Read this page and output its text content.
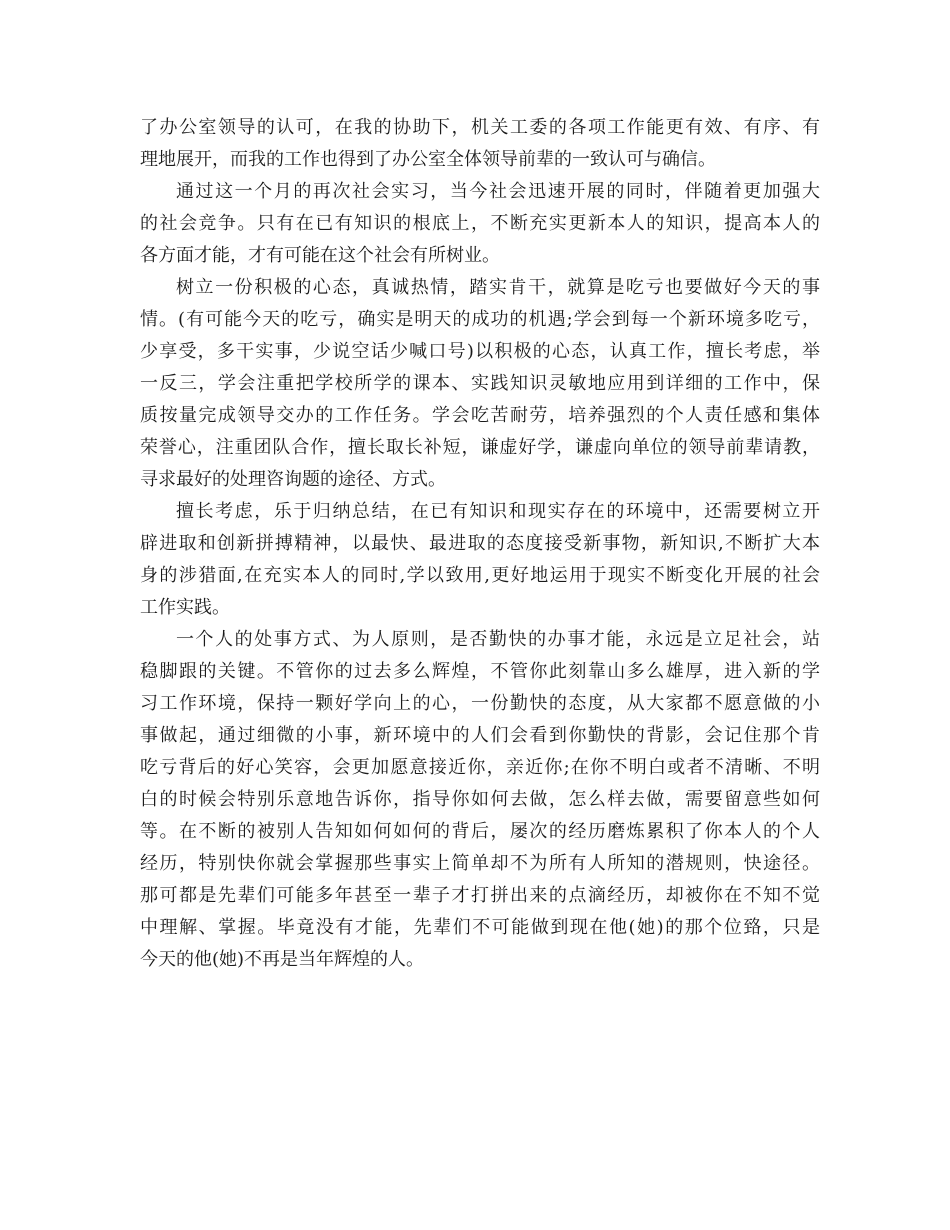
了办公室领导的认可，在我的协助下，机关工委的各项工作能更有效、有序、有
理地展开，而我的工作也得到了办公室全体领导前辈的一致认可与确信。
通过这一个月的再次社会实习，当今社会迅速开展的同时，伴随着更加强大
的社会竞争。只有在已有知识的根底上，不断充实更新本人的知识，提高本人的
各方面才能，才有可能在这个社会有所树业。
树立一份积极的心态，真诚热情，踏实肯干，就算是吃亏也要做好今天的事
情。(有可能今天的吃亏，确实是明天的成功的机遇;学会到每一个新环境多吃亏，
少享受，多干实事，少说空话少喊口号)以积极的心态，认真工作，擅长考虑，举
一反三，学会注重把学校所学的课本、实践知识灵敏地应用到详细的工作中，保
质按量完成领导交办的工作任务。学会吃苦耐劳，培养强烈的个人责任感和集体
荣誉心，注重团队合作，擅长取长补短，谦虚好学，谦虚向单位的领导前辈请教，
寻求最好的处理咨询题的途径、方式。
擅长考虑，乐于归纳总结，在已有知识和现实存在的环境中，还需要树立开
辟进取和创新拼搏精神，以最快、最进取的态度接受新事物，新知识,不断扩大本
身的涉猎面,在充实本人的同时,学以致用,更好地运用于现实不断变化开展的社会
工作实践。
一个人的处事方式、为人原则，是否勤快的办事才能，永远是立足社会，站
稳脚跟的关键。不管你的过去多么辉煌，不管你此刻靠山多么雄厚，进入新的学
习工作环境，保持一颗好学向上的心，一份勤快的态度，从大家都不愿意做的小
事做起，通过细微的小事，新环境中的人们会看到你勤快的背影，会记住那个肯
吃亏背后的好心笑容，会更加愿意接近你，亲近你;在你不明白或者不清晰、不明
白的时候会特别乐意地告诉你，指导你如何去做，怎么样去做，需要留意些如何
等。在不断的被别人告知如何如何的背后，屡次的经历磨炼累积了你本人的个人
经历，特别快你就会掌握那些事实上简单却不为所有人所知的潜规则，快途径。
那可都是先辈们可能多年甚至一辈子才打拼出来的点滴经历，却被你在不知不觉
中理解、掌握。毕竟没有才能，先辈们不可能做到现在他(她)的那个位臵，只是
今天的他(她)不再是当年辉煌的人。
